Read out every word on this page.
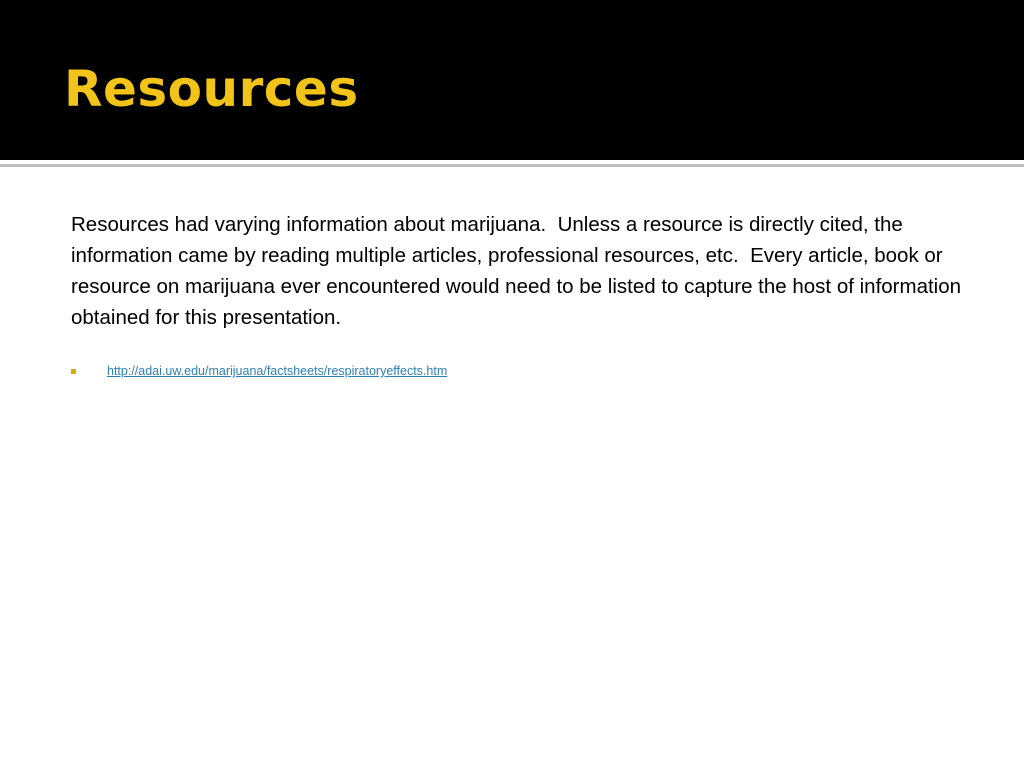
Resources

Resources had varying information about marijuana.  Unless a resource is directly cited, the information came by reading multiple articles, professional resources, etc.  Every article, book or resource on marijuana ever encountered would need to be listed to capture the host of information obtained for this presentation.

http://adai.uw.edu/marijuana/factsheets/respiratoryeffects.htm
